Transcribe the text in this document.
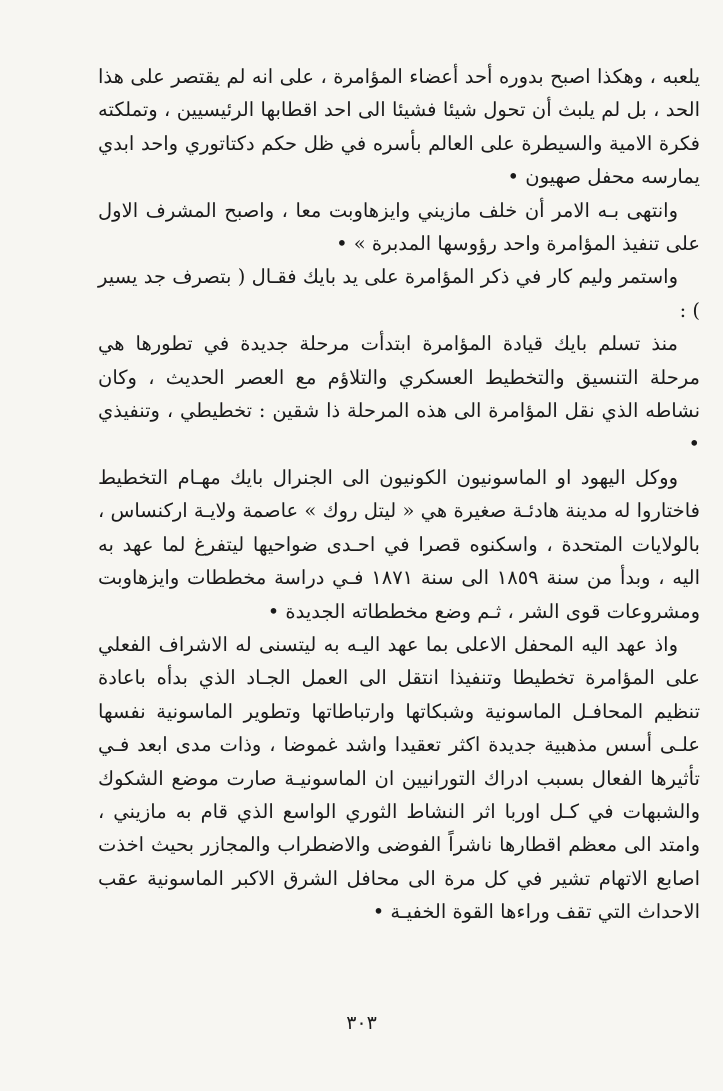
يلعبه ، وهكذا اصبح بدوره أحد أعضاء المؤامرة ، على انه لم يقتصر على هذا الحد ، بل لم يلبث أن تحول شيئا فشيئا الى احد اقطابها الرئيسيين ، وتملكته فكرة الامية والسيطرة على العالم بأسره في ظل حكم دكتاتوري واحد ابدي يمارسه محفل صهيون •

وانتهى بـه الامر أن خلف مازيني وايزهاوبت معا ، واصبح المشرف الاول على تنفيذ المؤامرة واحد رؤوسها المدبرة » •

واستمر وليم كار في ذكر المؤامرة على يد بايك فقـال ( بتصرف جد يسير ) :

منذ تسلم بايك قيادة المؤامرة ابتدأت مرحلة جديدة في تطورها هي مرحلة التنسيق والتخطيط العسكري والتلاؤم مع العصر الحديث ، وكان نشاطه الذي نقل المؤامرة الى هذه المرحلة ذا شقين : تخطيطي ، وتنفيذي •

ووكل اليهود او الماسونيون الكونيون الى الجنرال بايك مهـام التخطيط فاختاروا له مدينة هادئـة صغيرة هي « ليتل روك » عاصمة ولايـة اركنساس ، بالولايات المتحدة ، واسكنوه قصرا في احـدى ضواحيها ليتفرغ لما عهد به اليه ، وبدأ من سنة ١٨٥٩ الى سنة ١٨٧١ فـي دراسة مخططات وايزهاوبت ومشروعات قوى الشر ، ثـم وضع مخططاته الجديدة •

واذ عهد اليه المحفل الاعلى بما عهد اليـه به ليتسنى له الاشراف الفعلي على المؤامرة تخطيطا وتنفيذا انتقل الى العمل الجـاد الذي بدأه باعادة تنظيم المحافـل الماسونية وشبكاتها وارتباطاتها وتطوير الماسونية نفسها علـى أسس مذهبية جديدة اكثر تعقيدا واشد غموضا ، وذات مدى ابعد فـي تأثيرها الفعال بسبب ادراك التورانيين ان الماسونيـة صارت موضع الشكوك والشبهات في كـل اوربا اثر النشاط الثوري الواسع الذي قام به مازيني ، وامتد الى معظم اقطارها ناشراً الفوضى والاضطراب والمجازر بحيث اخذت اصابع الاتهام تشير في كل مرة الى محافل الشرق الاكبر الماسونية عقب الاحداث التي تقف وراءها القوة الخفيـة •

٣٠٣
